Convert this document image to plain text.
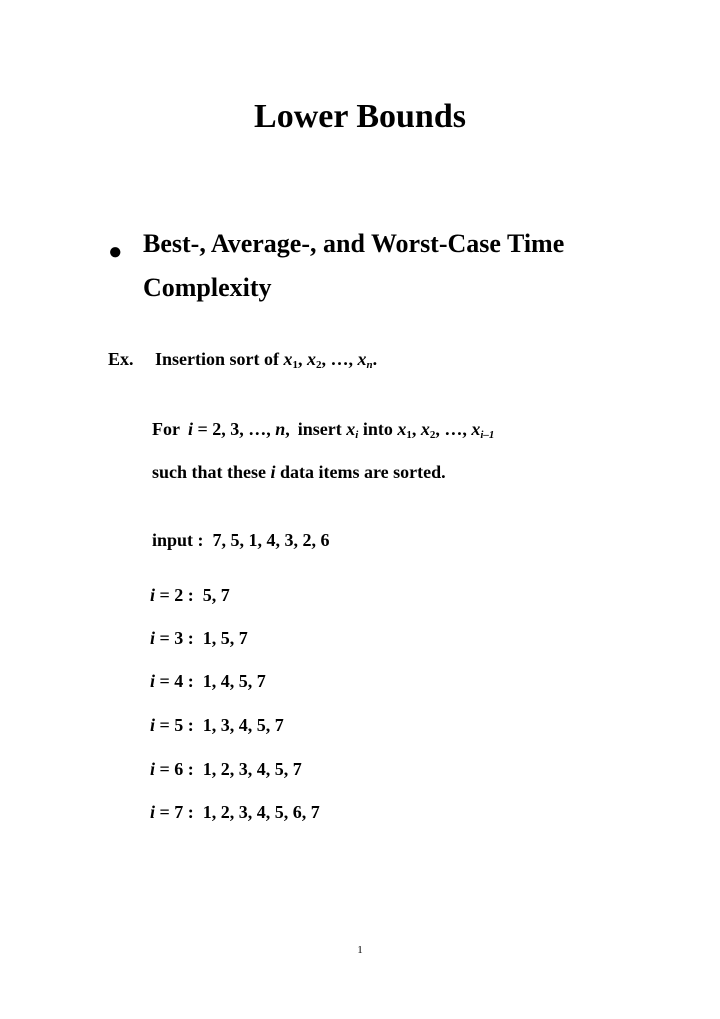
Lower Bounds
● Best-, Average-, and Worst-Case Time
Complexity
Ex. Insertion sort of $x_1$, $x_2$, …, $x_n$.
For i = 2, 3, …, n, insert $x_i$ into $x_1$, $x_2$, …, $x_{i-1}$
such that these i data items are sorted.
input : 7, 5, 1, 4, 3, 2, 6
i = 2 :  5, 7
i = 3 :  1, 5, 7
i = 4 :  1, 4, 5, 7
i = 5 :  1, 3, 4, 5, 7
i = 6 :  1, 2, 3, 4, 5, 7
i = 7 :  1, 2, 3, 4, 5, 6, 7
1
